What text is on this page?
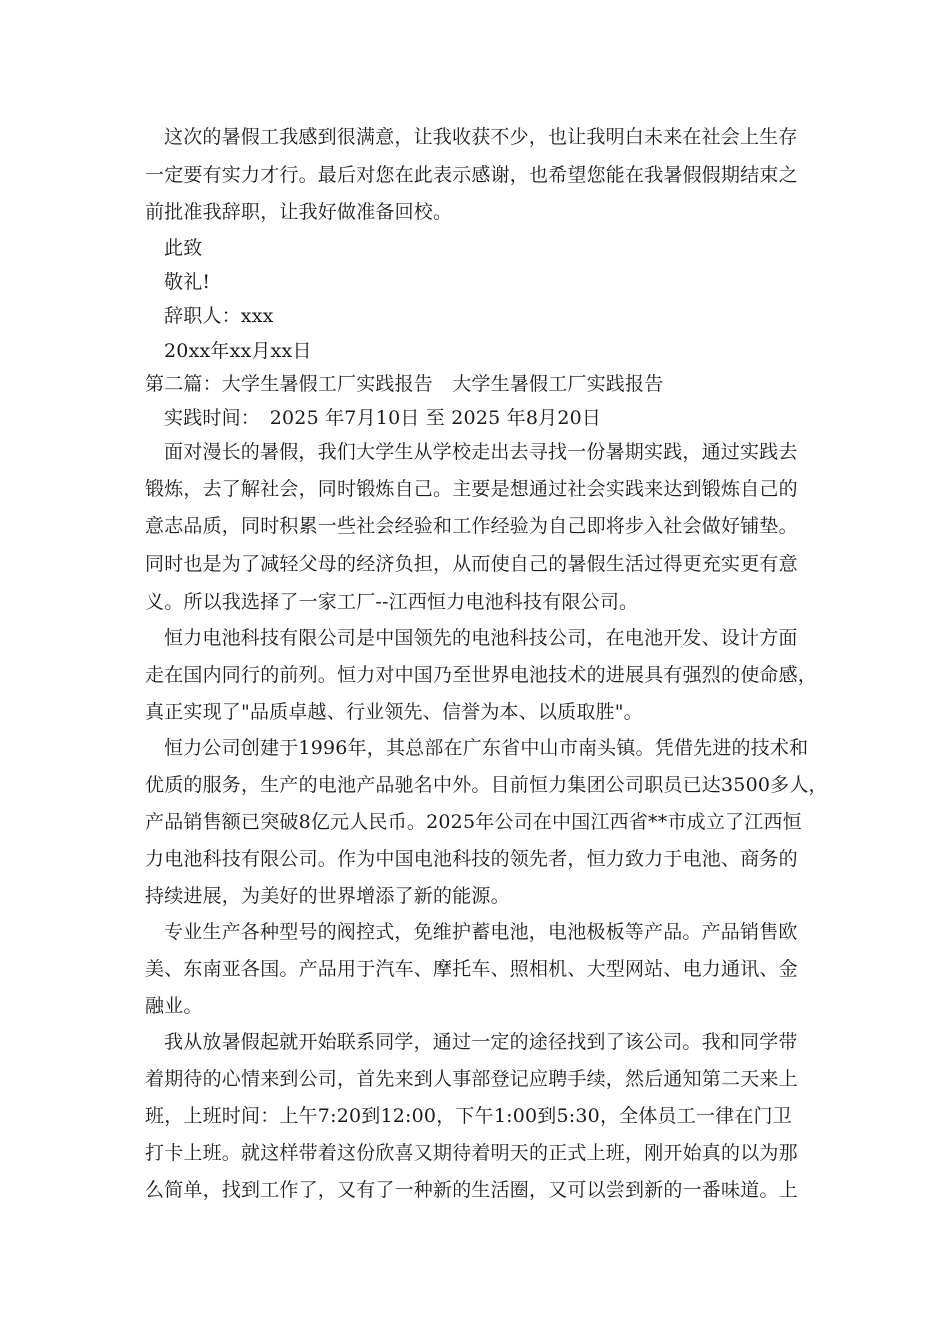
这次的暑假工我感到很满意，让我收获不少，也让我明白未来在社会上生存
一定要有实力才行。最后对您在此表示感谢，也希望您能在我暑假假期结束之
前批准我辞职，让我好做准备回校。
此致
敬礼!
辞职人：xxx
20xx年xx月xx日
第二篇：大学生暑假工厂实践报告　大学生暑假工厂实践报告
实践时间：　2025 年7月10日 至 2025 年8月20日
面对漫长的暑假，我们大学生从学校走出去寻找一份暑期实践，通过实践去
锻炼，去了解社会，同时锻炼自己。主要是想通过社会实践来达到锻炼自己的
意志品质，同时积累一些社会经验和工作经验为自己即将步入社会做好铺垫。
同时也是为了减轻父母的经济负担，从而使自己的暑假生活过得更充实更有意
义。所以我选择了一家工厂--江西恒力电池科技有限公司。
恒力电池科技有限公司是中国领先的电池科技公司，在电池开发、设计方面
走在国内同行的前列。恒力对中国乃至世界电池技术的进展具有强烈的使命感，
真正实现了"品质卓越、行业领先、信誉为本、以质取胜"。
恒力公司创建于1996年，其总部在广东省中山市南头镇。凭借先进的技术和
优质的服务，生产的电池产品驰名中外。目前恒力集团公司职员已达3500多人，
产品销售额已突破8亿元人民币。2025年公司在中国江西省**市成立了江西恒
力电池科技有限公司。作为中国电池科技的领先者，恒力致力于电池、商务的
持续进展，为美好的世界增添了新的能源。
专业生产各种型号的阀控式，免维护蓄电池，电池极板等产品。产品销售欧
美、东南亚各国。产品用于汽车、摩托车、照相机、大型网站、电力通讯、金
融业。
我从放暑假起就开始联系同学，通过一定的途径找到了该公司。我和同学带
着期待的心情来到公司，首先来到人事部登记应聘手续，然后通知第二天来上
班，上班时间：上午7:20到12:00，下午1:00到5:30，全体员工一律在门卫
打卡上班。就这样带着这份欣喜又期待着明天的正式上班，刚开始真的以为那
么简单，找到工作了，又有了一种新的生活圈，又可以尝到新的一番味道。上
